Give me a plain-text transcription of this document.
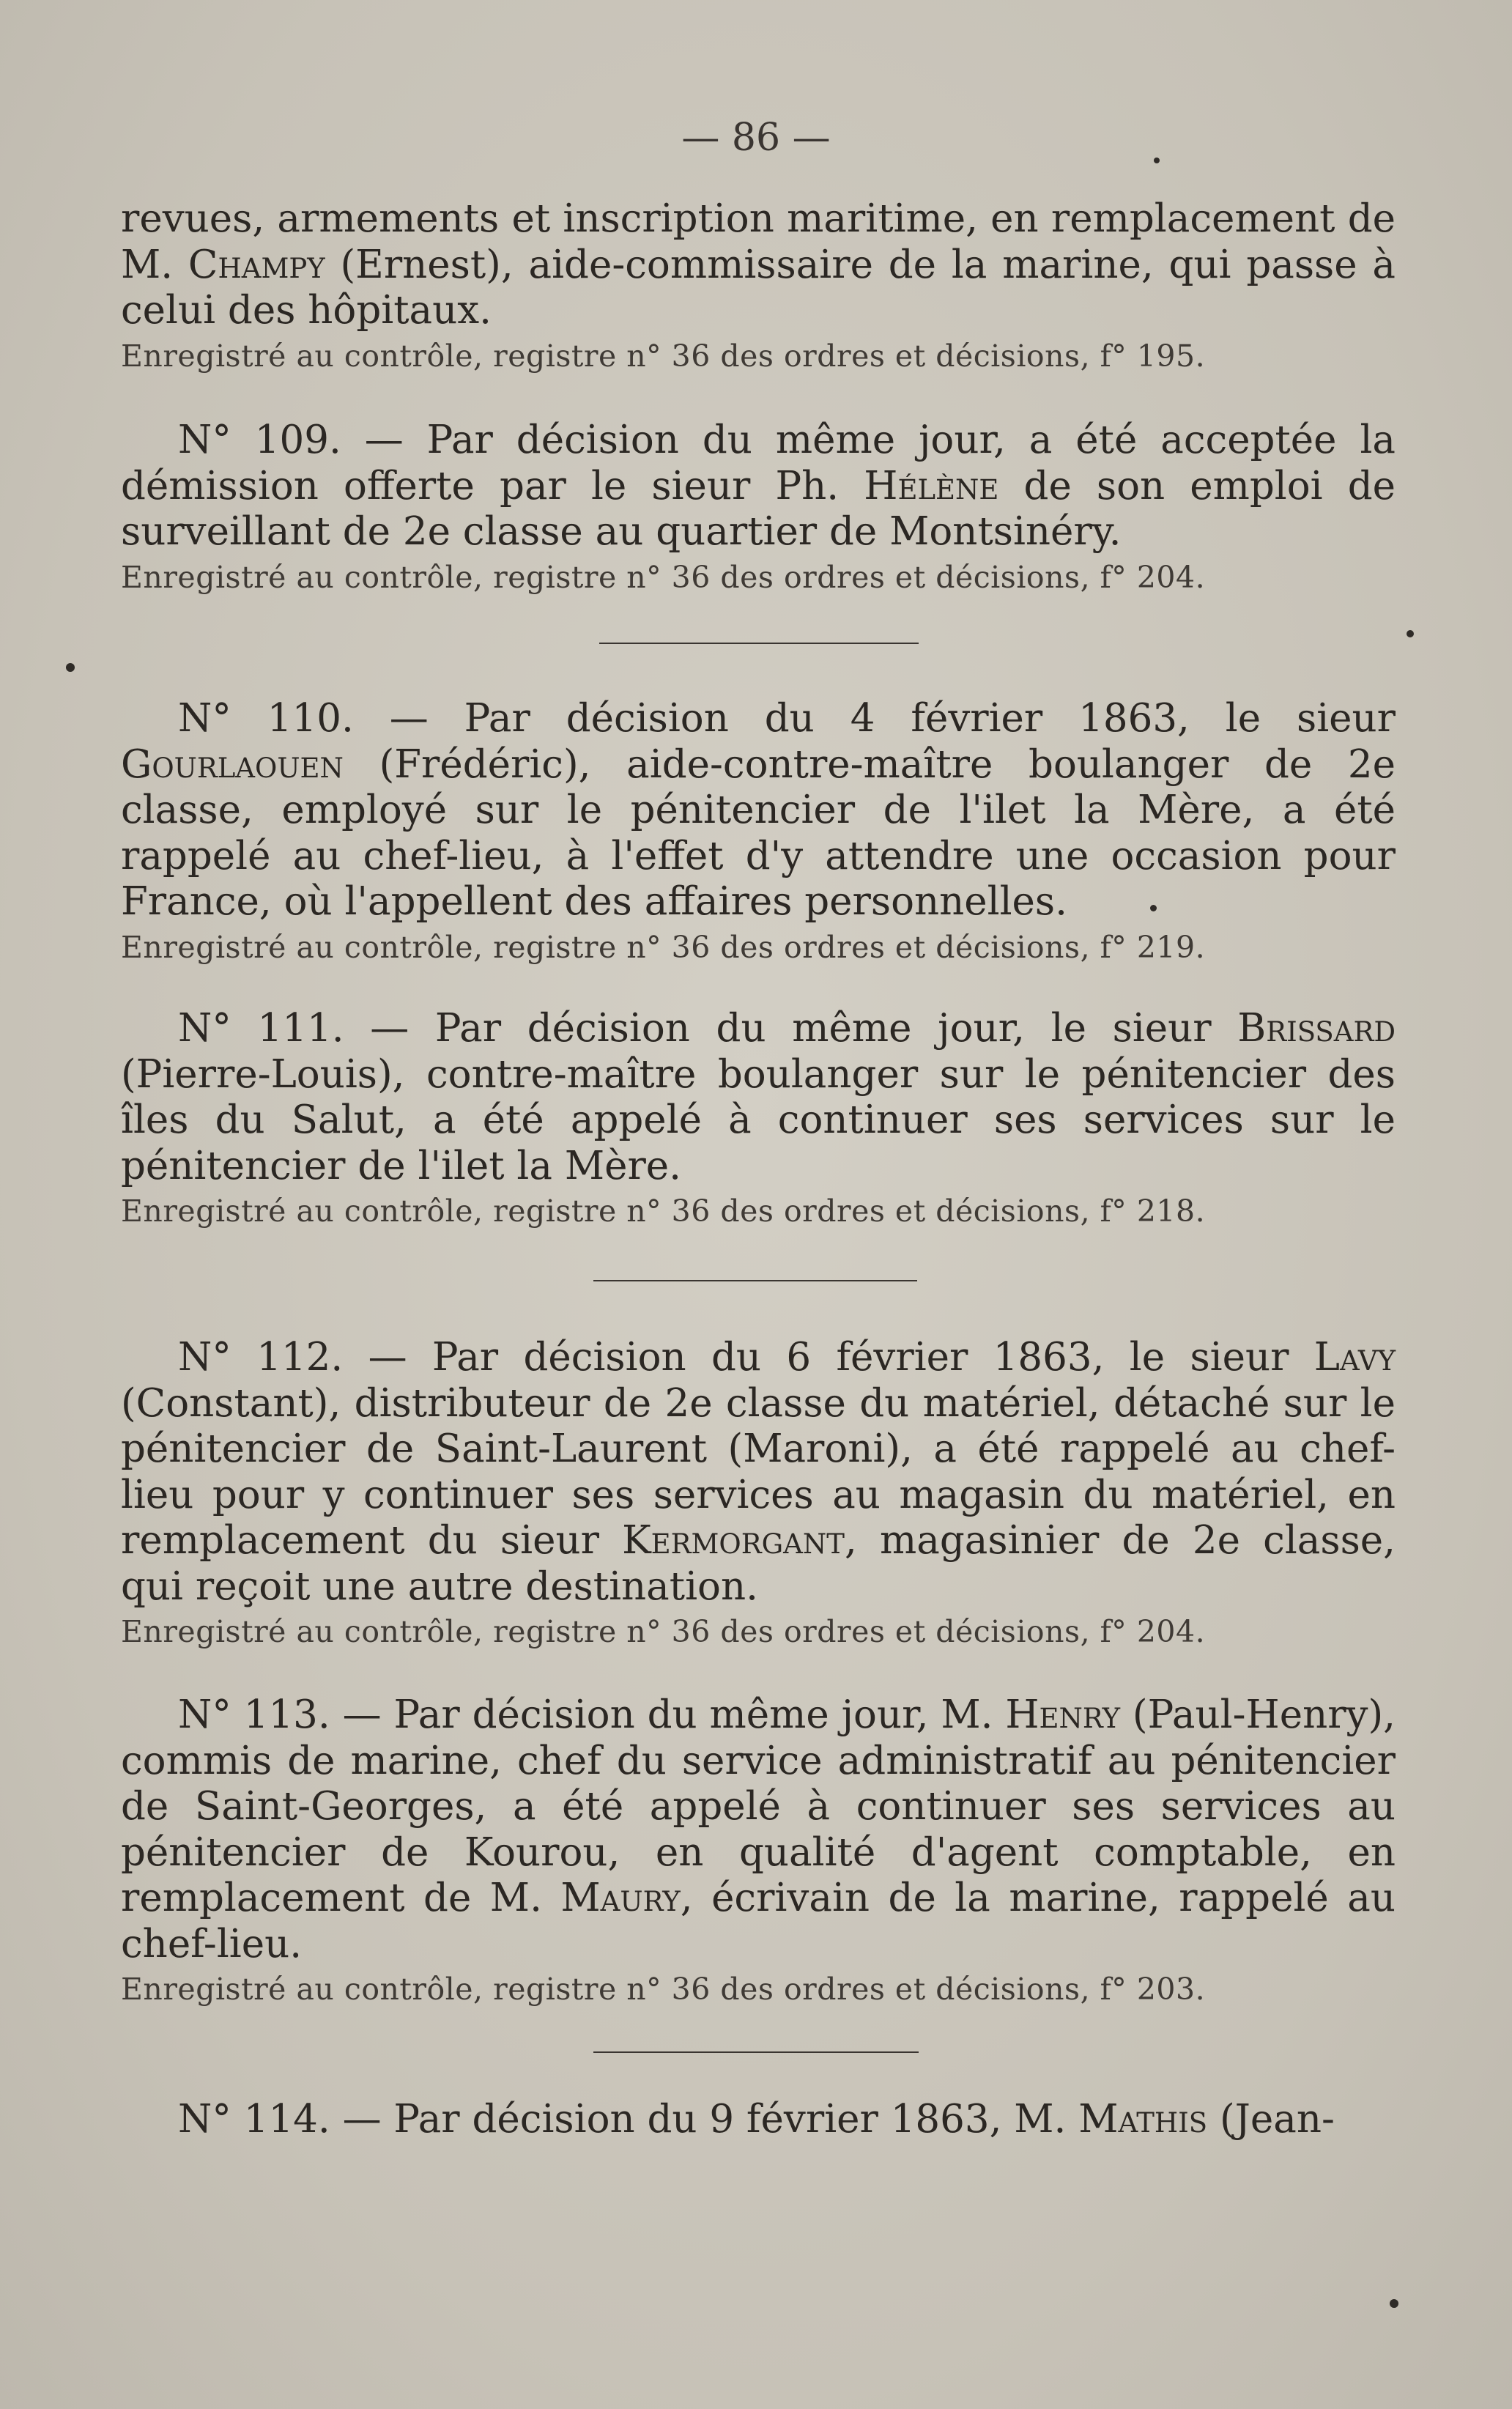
— 86 —

revues, armements et inscription maritime, en remplacement de M. Champy (Ernest), aide-commissaire de la marine, qui passe à celui des hôpitaux.

Enregistré au contrôle, registre n° 36 des ordres et décisions, f° 195.

N° 109. — Par décision du même jour, a été acceptée la démission offerte par le sieur Ph. Hélène de son emploi de surveillant de 2e classe au quartier de Montsinéry.

Enregistré au contrôle, registre n° 36 des ordres et décisions, f° 204.

N° 110. — Par décision du 4 février 1863, le sieur Gourlaouen (Frédéric), aide-contre-maître boulanger de 2e classe, employé sur le pénitencier de l'ilet la Mère, a été rappelé au chef-lieu, à l'effet d'y attendre une occasion pour France, où l'appellent des affaires personnelles.

Enregistré au contrôle, registre n° 36 des ordres et décisions, f° 219.

N° 111. — Par décision du même jour, le sieur Brissard (Pierre-Louis), contre-maître boulanger sur le pénitencier des îles du Salut, a été appelé à continuer ses services sur le pénitencier de l'ilet la Mère.

Enregistré au contrôle, registre n° 36 des ordres et décisions, f° 218.

N° 112. — Par décision du 6 février 1863, le sieur Lavy (Constant), distributeur de 2e classe du matériel, détaché sur le pénitencier de Saint-Laurent (Maroni), a été rappelé au chef-lieu pour y continuer ses services au magasin du matériel, en remplacement du sieur Kermorgant, magasinier de 2e classe, qui reçoit une autre destination.

Enregistré au contrôle, registre n° 36 des ordres et décisions, f° 204.

N° 113. — Par décision du même jour, M. Henry (Paul-Henry), commis de marine, chef du service administratif au pénitencier de Saint-Georges, a été appelé à continuer ses services au pénitencier de Kourou, en qualité d'agent comptable, en remplacement de M. Maury, écrivain de la marine, rappelé au chef-lieu.

Enregistré au contrôle, registre n° 36 des ordres et décisions, f° 203.

N° 114. — Par décision du 9 février 1863, M. Mathis (Jean-
